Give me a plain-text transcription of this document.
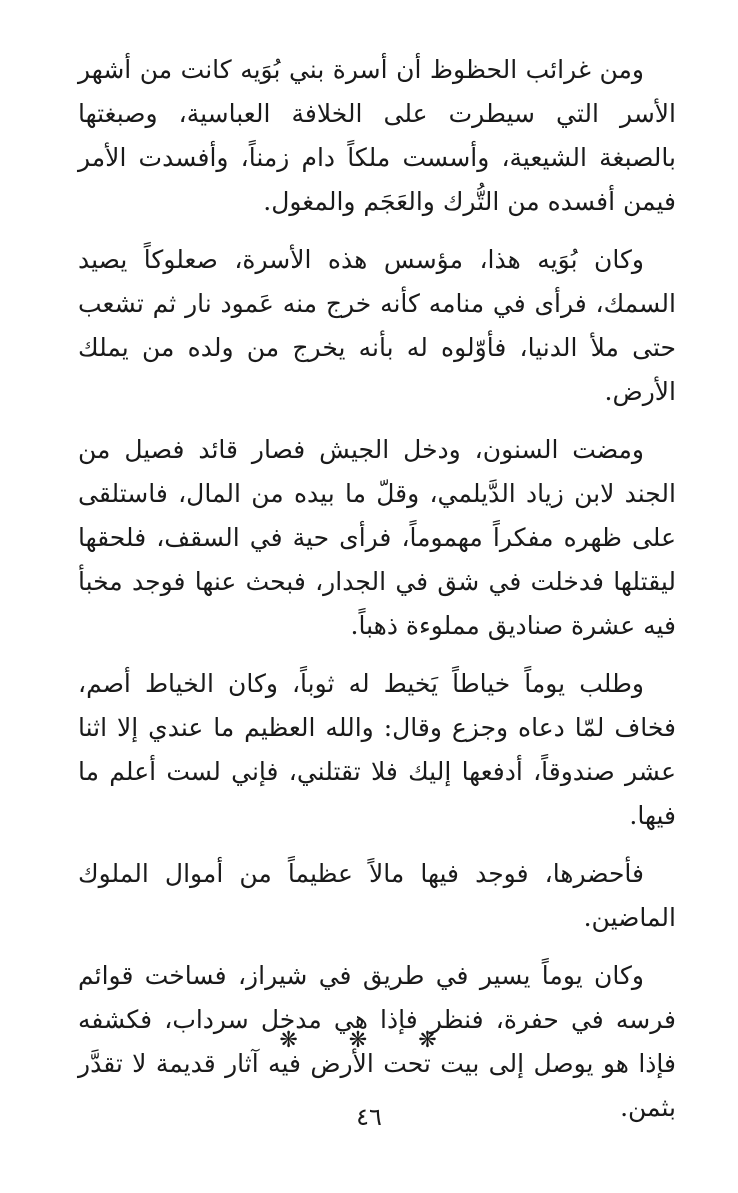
ومن غرائب الحظوظ أن أسرة بني بُوَيه كانت من أشهر الأسر التي سيطرت على الخلافة العباسية، وصبغتها بالصبغة الشيعية، وأسست ملكاً دام زمناً، وأفسدت الأمر فيمن أفسده من التُّرك والعَجَم والمغول.

وكان بُوَيه هذا، مؤسس هذه الأسرة، صعلوكاً يصيد السمك، فرأى في منامه كأنه خرج منه عَمود نار ثم تشعب حتى ملأ الدنيا، فأوّلوه له بأنه يخرج من ولده من يملك الأرض.

ومضت السنون، ودخل الجيش فصار قائد فصيل من الجند لابن زياد الدَّيلمي، وقلّ ما بيده من المال، فاستلقى على ظهره مفكراً مهموماً، فرأى حية في السقف، فلحقها ليقتلها فدخلت في شق في الجدار، فبحث عنها فوجد مخبأ فيه عشرة صناديق مملوءة ذهباً.

وطلب يوماً خياطاً يَخيط له ثوباً، وكان الخياط أصم، فخاف لمّا دعاه وجزع وقال: والله العظيم ما عندي إلا اثنا عشر صندوقاً، أدفعها إليك فلا تقتلني، فإني لست أعلم ما فيها.

فأحضرها، فوجد فيها مالاً عظيماً من أموال الملوك الماضين.

وكان يوماً يسير في طريق في شيراز، فساخت قوائم فرسه في حفرة، فنظر فإذا هي مدخل سرداب، فكشفه فإذا هو يوصل إلى بيت تحت الأرض فيه آثار قديمة لا تقدَّر بثمن.

❋ ❋ ❋
٤٦
